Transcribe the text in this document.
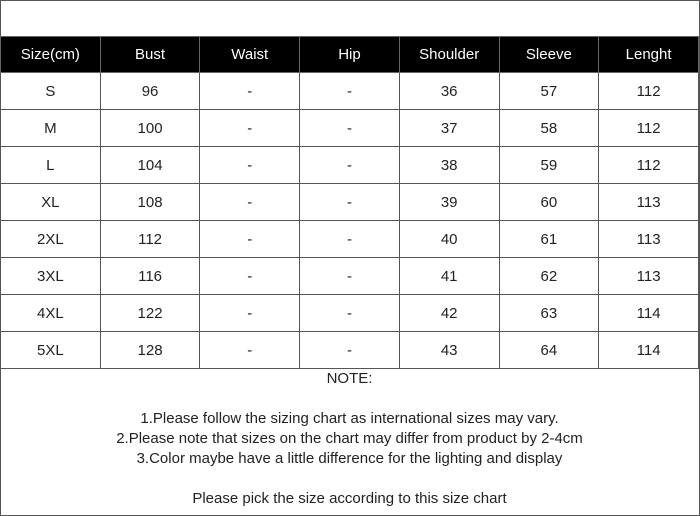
Size(cm)	Bust	Waist	Hip	Shoulder	Sleeve	Lenght
S	96	-	-	36	57	112
M	100	-	-	37	58	112
L	104	-	-	38	59	112
XL	108	-	-	39	60	113
2XL	112	-	-	40	61	113
3XL	116	-	-	41	62	113
4XL	122	-	-	42	63	114
5XL	128	-	-	43	64	114
NOTE:
1.Please follow the sizing chart as international sizes may vary.
2.Please note that sizes on the chart may differ from product by 2-4cm
3.Color maybe have a little difference for the lighting and display
Please pick the size according to this size chart
